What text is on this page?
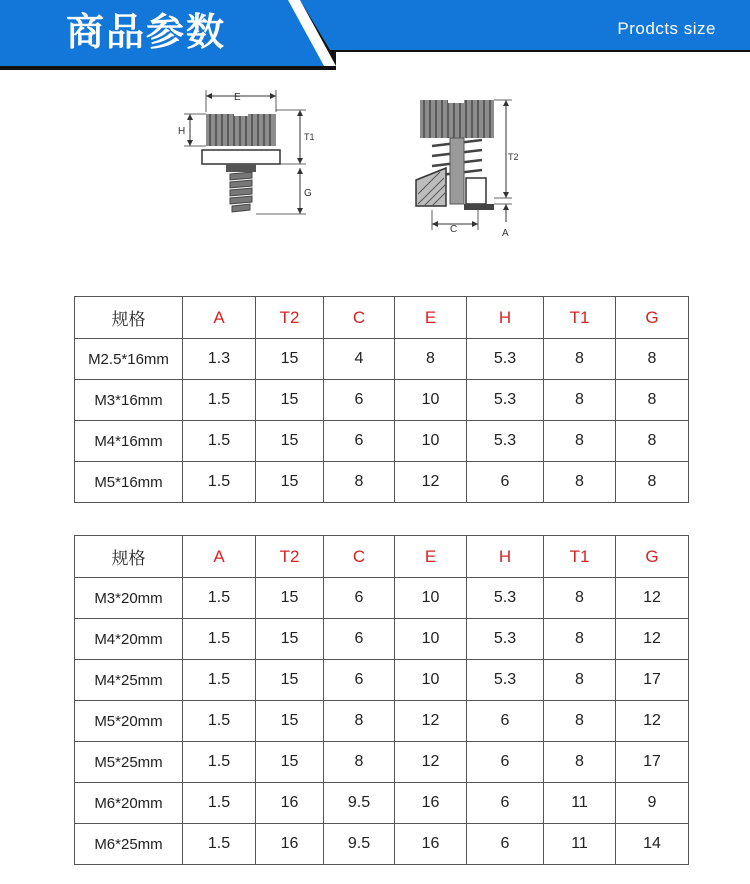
商品参数	Prodcts size
E
H	T1
G
C
T2
A
规格	A	T2	C	E	H	T1	G
M2.5*16mm	1.3	15	4	8	5.3	8	8
M3*16mm	1.5	15	6	10	5.3	8	8
M4*16mm	1.5	15	6	10	5.3	8	8
M5*16mm	1.5	15	8	12	6	8	8
规格	A	T2	C	E	H	T1	G
M3*20mm	1.5	15	6	10	5.3	8	12
M4*20mm	1.5	15	6	10	5.3	8	12
M4*25mm	1.5	15	6	10	5.3	8	17
M5*20mm	1.5	15	8	12	6	8	12
M5*25mm	1.5	15	8	12	6	8	17
M6*20mm	1.5	16	9.5	16	6	11	9
M6*25mm	1.5	16	9.5	16	6	11	14
